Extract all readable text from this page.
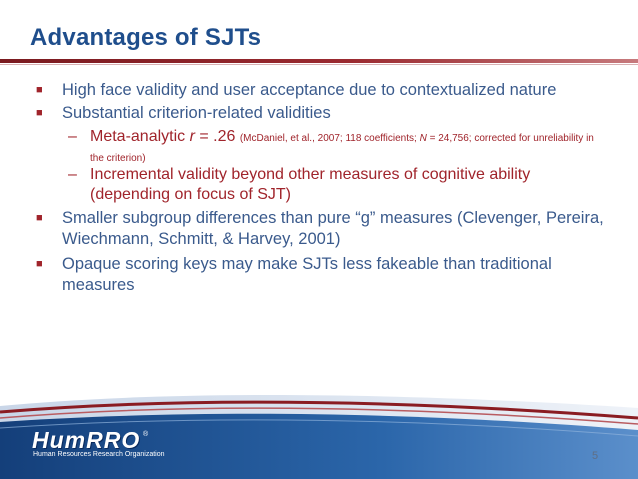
Advantages of SJTs
■	High face validity and user acceptance due to contextualized nature
■	Substantial criterion-related validities
– Meta-analytic r = .26 (McDaniel, et al., 2007; 118 coefficients; N = 24,756; corrected for unreliability in the criterion)
– Incremental validity beyond other measures of cognitive ability (depending on focus of SJT)
■	Smaller subgroup differences than pure “g” measures (Clevenger, Pereira, Wiechmann, Schmitt, & Harvey, 2001)
■	Opaque scoring keys may make SJTs less fakeable than traditional measures
HumRRO ®
Human Resources Research Organization	5
